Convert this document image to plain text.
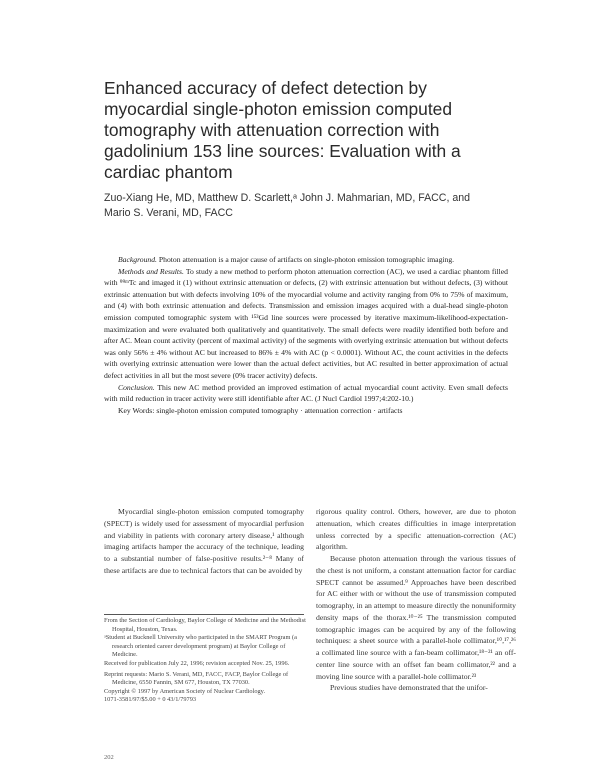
Enhanced accuracy of defect detection by
myocardial single-photon emission computed
tomography with attenuation correction with
gadolinium 153 line sources: Evaluation with a
cardiac phantom
Zuo-Xiang He, MD, Matthew D. Scarlett,ᵃ John J. Mahmarian, MD, FACC, and
Mario S. Verani, MD, FACC

Background. Photon attenuation is a major cause of artifacts on single-photon emission tomographic imaging.

Methods and Results. To study a new method to perform photon attenuation correction (AC), we used a cardiac phantom filled with ⁹⁹ᵐTc and imaged it (1) without extrinsic attenuation or defects, (2) with extrinsic attenuation but without defects, (3) without extrinsic attenuation but with defects involving 10% of the myocardial volume and activity ranging from 0% to 75% of maximum, and (4) with both extrinsic attenuation and defects. Transmission and emission images acquired with a dual-head single-photon emission computed tomographic system with ¹⁵³Gd line sources were processed by iterative maximum-likelihood-expectation-maximization and were evaluated both qualitatively and quantitatively. The small defects were readily identified both before and after AC. Mean count activity (percent of maximal activity) of the segments with overlying extrinsic attenuation but without defects was only 56% ± 4% without AC but increased to 86% ± 4% with AC (p < 0.0001). Without AC, the count activities in the defects with overlying extrinsic attenuation were lower than the actual defect activities, but AC resulted in better approximation of actual defect activities in all but the most severe (0% tracer activity) defects.

Conclusion. This new AC method provided an improved estimation of actual myocardial count activity. Even small defects with mild reduction in tracer activity were still identifiable after AC. (J Nucl Cardiol 1997;4:202-10.)

Key Words: single-photon emission computed tomography · attenuation correction · artifacts

Myocardial single-photon emission computed tomography (SPECT) is widely used for assessment of myocardial perfusion and viability in patients with coronary artery disease,¹ although imaging artifacts hamper the accuracy of the technique, leading to a substantial number of false-positive results.²⁻⁸ Many of these artifacts are due to technical factors that can be avoided by

From the Section of Cardiology, Baylor College of Medicine and the Methodist Hospital, Houston, Texas.

ᵃStudent at Bucknell University who participated in the SMART Program (a research oriented career development program) at Baylor College of Medicine.

Received for publication July 22, 1996; revision accepted Nov. 25, 1996.

Reprint requests: Mario S. Verani, MD, FACC, FACP, Baylor College of Medicine, 6550 Fannin, SM 677, Houston, TX 77030.

Copyright © 1997 by American Society of Nuclear Cardiology.

1071-3581/97/$5.00 + 0 43/1/79793

rigorous quality control. Others, however, are due to photon attenuation, which creates difficulties in image interpretation unless corrected by a specific attenuation-correction (AC) algorithm.

Because photon attenuation through the various tissues of the chest is not uniform, a constant attenuation factor for cardiac SPECT cannot be assumed.⁹ Approaches have been described for AC either with or without the use of transmission computed tomography, in an attempt to measure directly the nonuniformity density maps of the thorax.¹⁰⁻²⁵ The transmission computed tomographic images can be acquired by any of the following techniques: a sheet source with a parallel-hole collimator,¹⁰,¹⁷,²⁶ a collimated line source with a fan-beam collimator,¹⁸⁻²¹ an off-center line source with an offset fan beam collimator,²² and a moving line source with a parallel-hole collimator.²³

Previous studies have demonstrated that the unifor-

202
